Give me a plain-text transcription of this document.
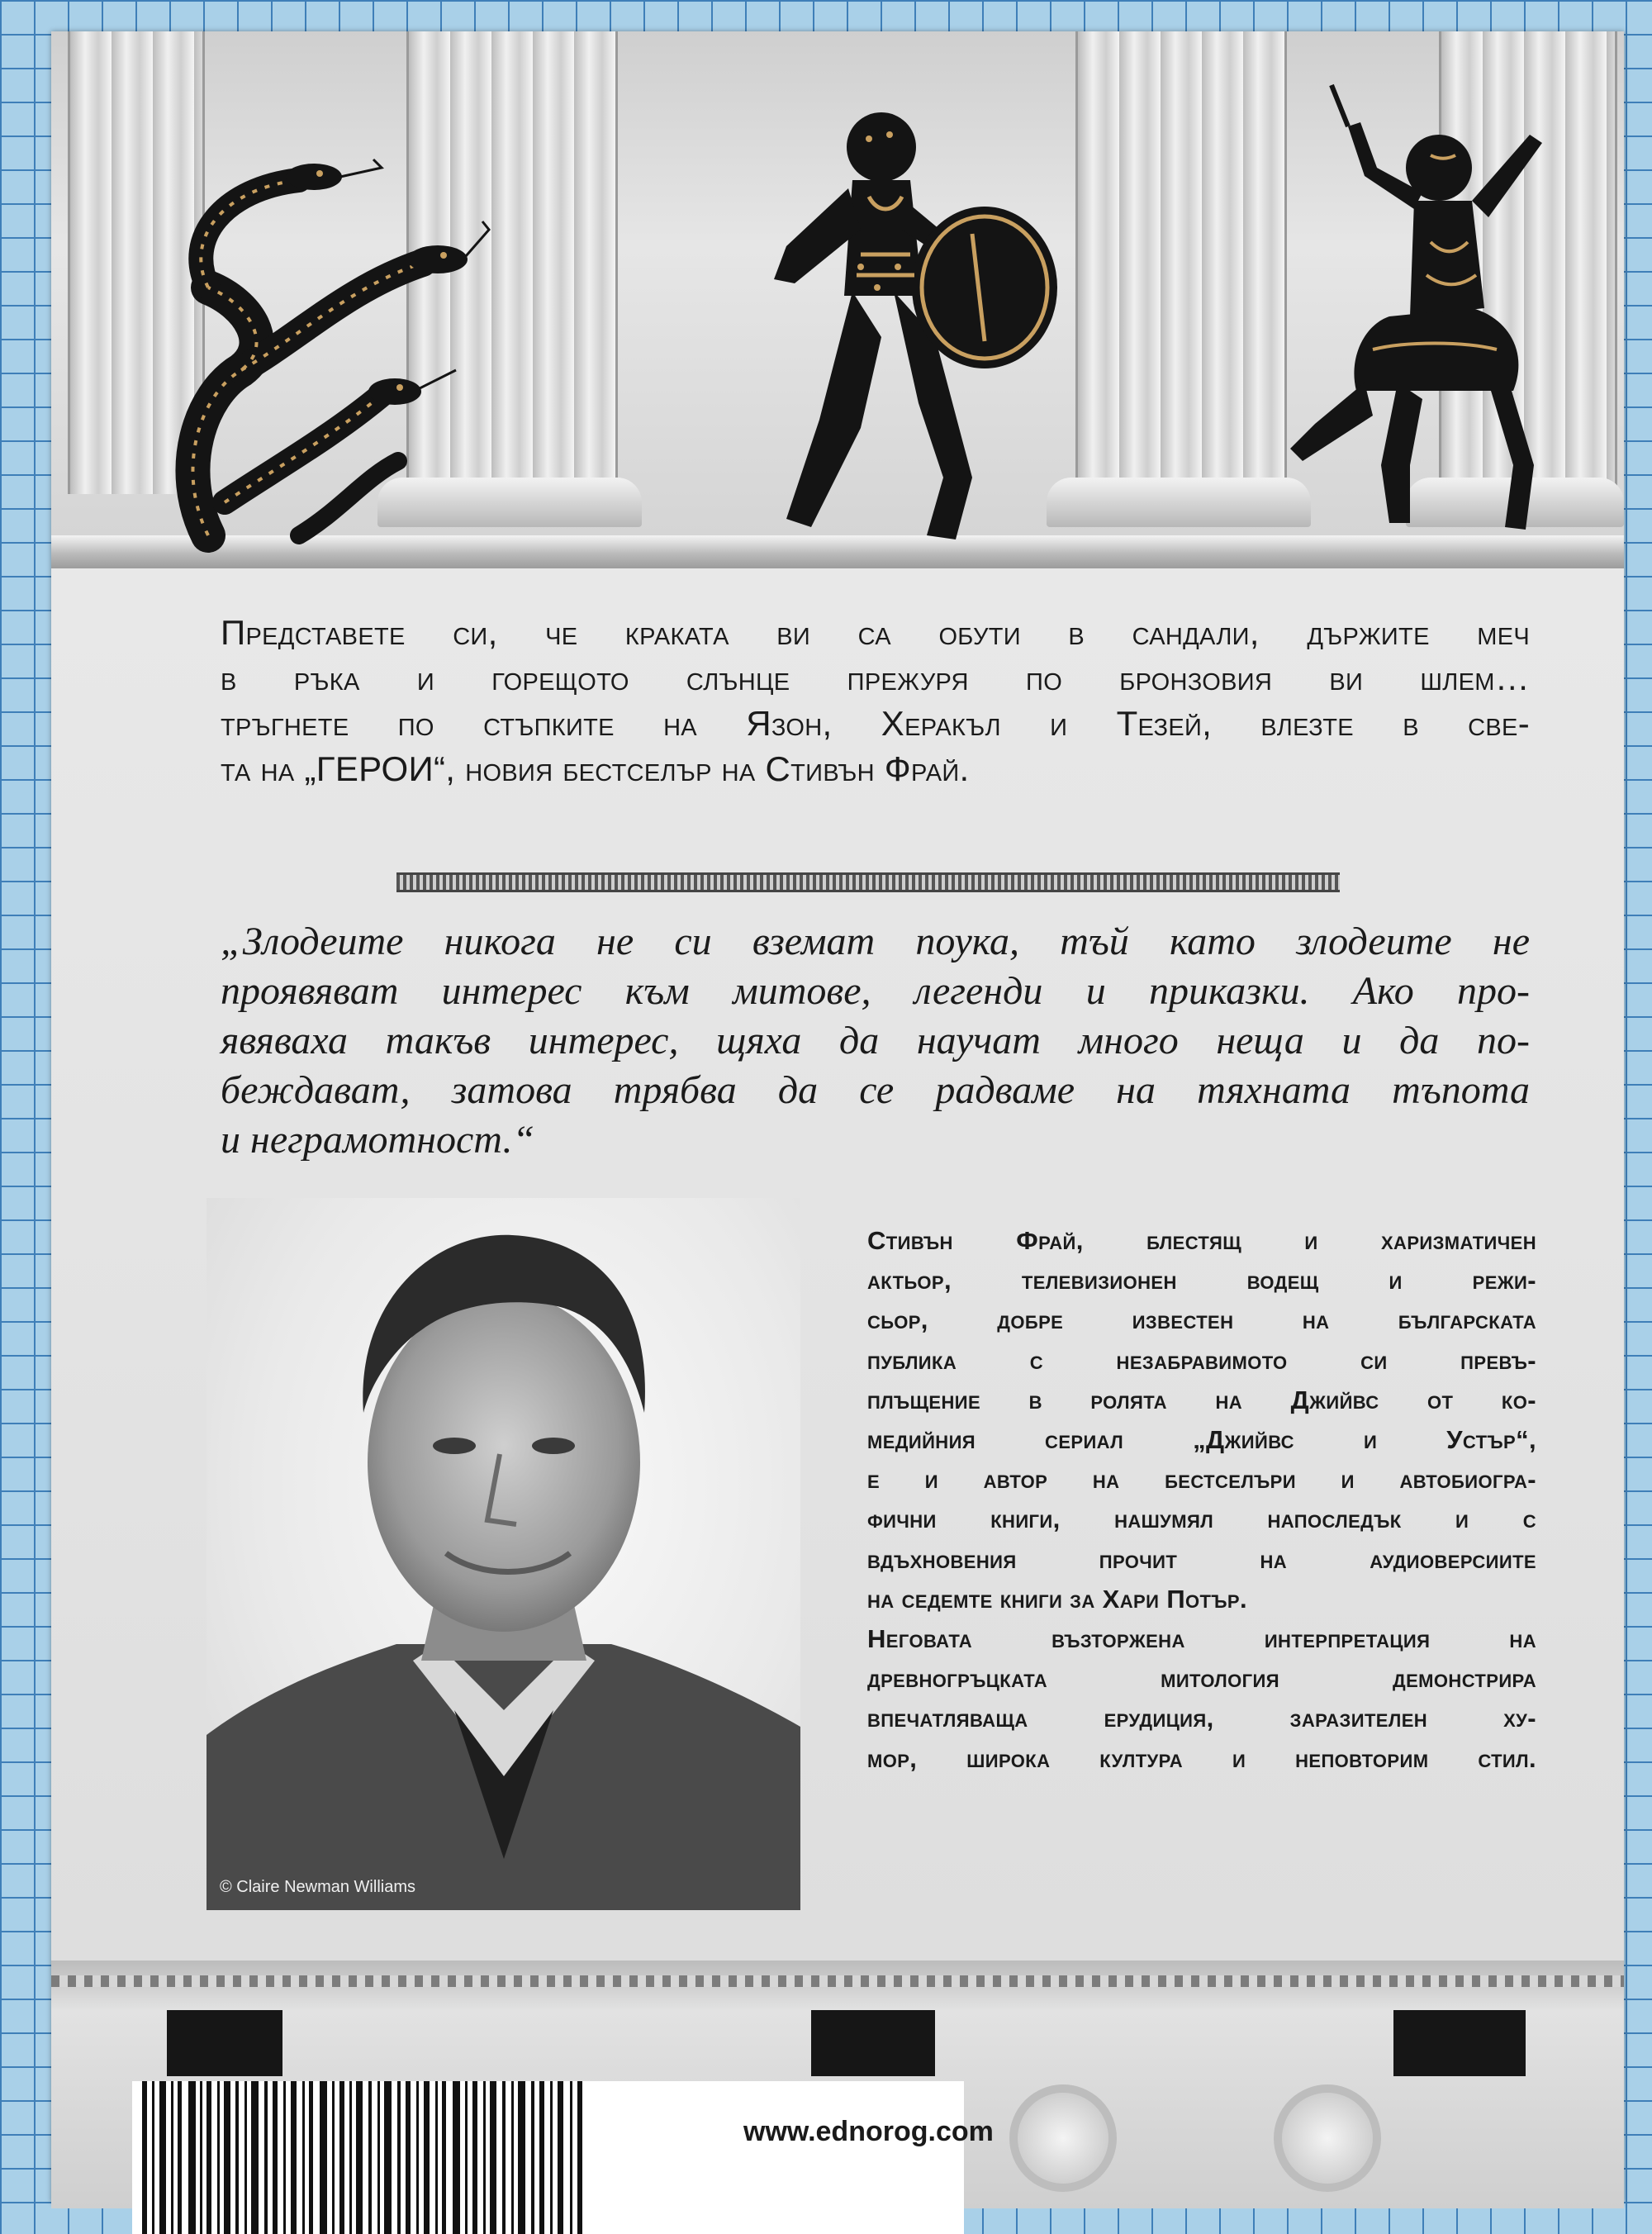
Представете си, че краката ви са обути в сандали, държите меч
в ръка и горещото слънце прежуря по бронзовия ви шлем…
тръгнете по стъпките на Язон, Херакъл и Тезей, влезте в све-
та на „ГЕРОИ“, новия бестселър на Стивън Фрай.
„Злодеите никога не си вземат поука, тъй като злодеите не
проявяват интерес към митове, легенди и приказки. Ако про-
явяваха такъв интерес, щяха да научат много неща и да по-
беждават, затова трябва да се радваме на тяхната тъпота
и неграмотност.“
© Claire Newman Williams
Стивън Фрай, блестящ и харизматичен
актьор, телевизионен водещ и режи-
сьор, добре известен на българската
публика с незабравимото си превъ-
плъщение в ролята на Джийвс от ко-
медийния сериал „Джийвс и Устър“,
е и автор на бестселъри и автобиогра-
фични книги, нашумял напоследък и с
вдъхновения прочит на аудиоверсиите
на седемте книги за Хари Потър.
Неговата възторжена интерпретация на
древногръцката митология демонстрира
впечатляваща ерудиция, заразителен ху-
мор, широка култура и неповторим стил.
www.ednorog.com
